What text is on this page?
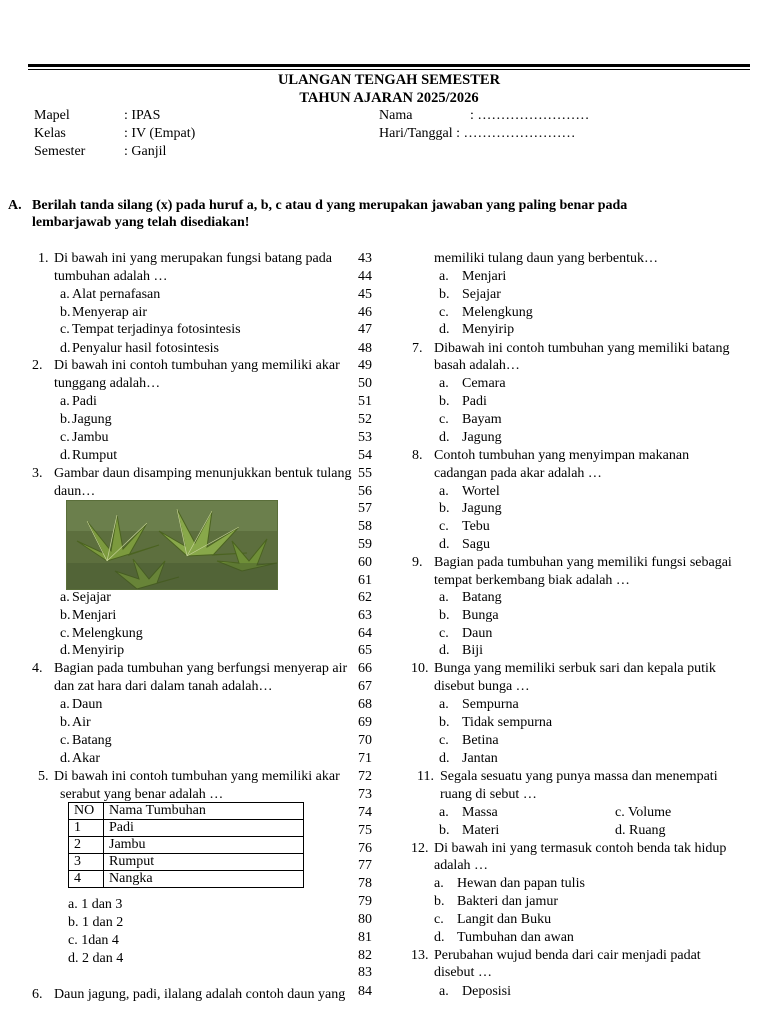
ULANGAN TENGAH SEMESTER
TAHUN AJARAN 2025/2026
Mapel	: IPAS
Kelas	: IV (Empat)
Semester	: Ganjil
Nama	: ……………………
Hari/Tanggal : ……………………
A. Berilah tanda silang (x) pada huruf a, b, c atau d yang merupakan jawaban yang paling benar pada
lembarjawab yang telah disediakan!
43
44
45
46
47
48
49
50
51
52
53
54
55
56
57
58
59
60
61
62
63
64
65
66
67
68
69
70
71
72
73
74
75
76
77
78
79
80
81
82
83
84
1. Di bawah ini yang merupakan fungsi batang pada
tumbuhan adalah …
a. Alat pernafasan
b. Menyerap air
c. Tempat terjadinya fotosintesis
d. Penyalur hasil fotosintesis
2. Di bawah ini contoh tumbuhan yang memiliki akar
tunggang adalah…
a. Padi
b. Jagung
c. Jambu
d. Rumput
3. Gambar daun disamping menunjukkan bentuk tulang
daun…
a. Sejajar
b. Menjari
c. Melengkung
d. Menyirip
4. Bagian pada tumbuhan yang berfungsi menyerap air
dan zat hara dari dalam tanah adalah…
a. Daun
b. Air
c. Batang
d. Akar
5. Di bawah ini contoh tumbuhan yang memiliki akar
serabut yang benar adalah …
NO	Nama Tumbuhan
1	Padi
2	Jambu
3	Rumput
4	Nangka
a. 1 dan 3
b. 1 dan 2
c. 1dan 4
d. 2 dan 4
6. Daun jagung, padi, ilalang adalah contoh daun yang
memiliki tulang daun yang berbentuk…
a. Menjari
b. Sejajar
c. Melengkung
d. Menyirip
7. Dibawah ini contoh tumbuhan yang memiliki batang
basah adalah…
a. Cemara
b. Padi
c. Bayam
d. Jagung
8. Contoh tumbuhan yang menyimpan makanan
cadangan pada akar adalah …
a. Wortel
b. Jagung
c. Tebu
d. Sagu
9. Bagian pada tumbuhan yang memiliki fungsi sebagai
tempat berkembang biak adalah …
a. Batang
b. Bunga
c. Daun
d. Biji
10. Bunga yang memiliki serbuk sari dan kepala putik
disebut bunga …
a. Sempurna
b. Tidak sempurna
c. Betina
d. Jantan
11. Segala sesuatu yang punya massa dan menempati
ruang di sebut …
a. Massa
b. Materi
c. Volume
d. Ruang
12. Di bawah ini yang termasuk contoh benda tak hidup
adalah …
a. Hewan dan papan tulis
b. Bakteri dan jamur
c. Langit dan Buku
d. Tumbuhan dan awan
13. Perubahan wujud benda dari cair menjadi padat
disebut …
a. Deposisi
